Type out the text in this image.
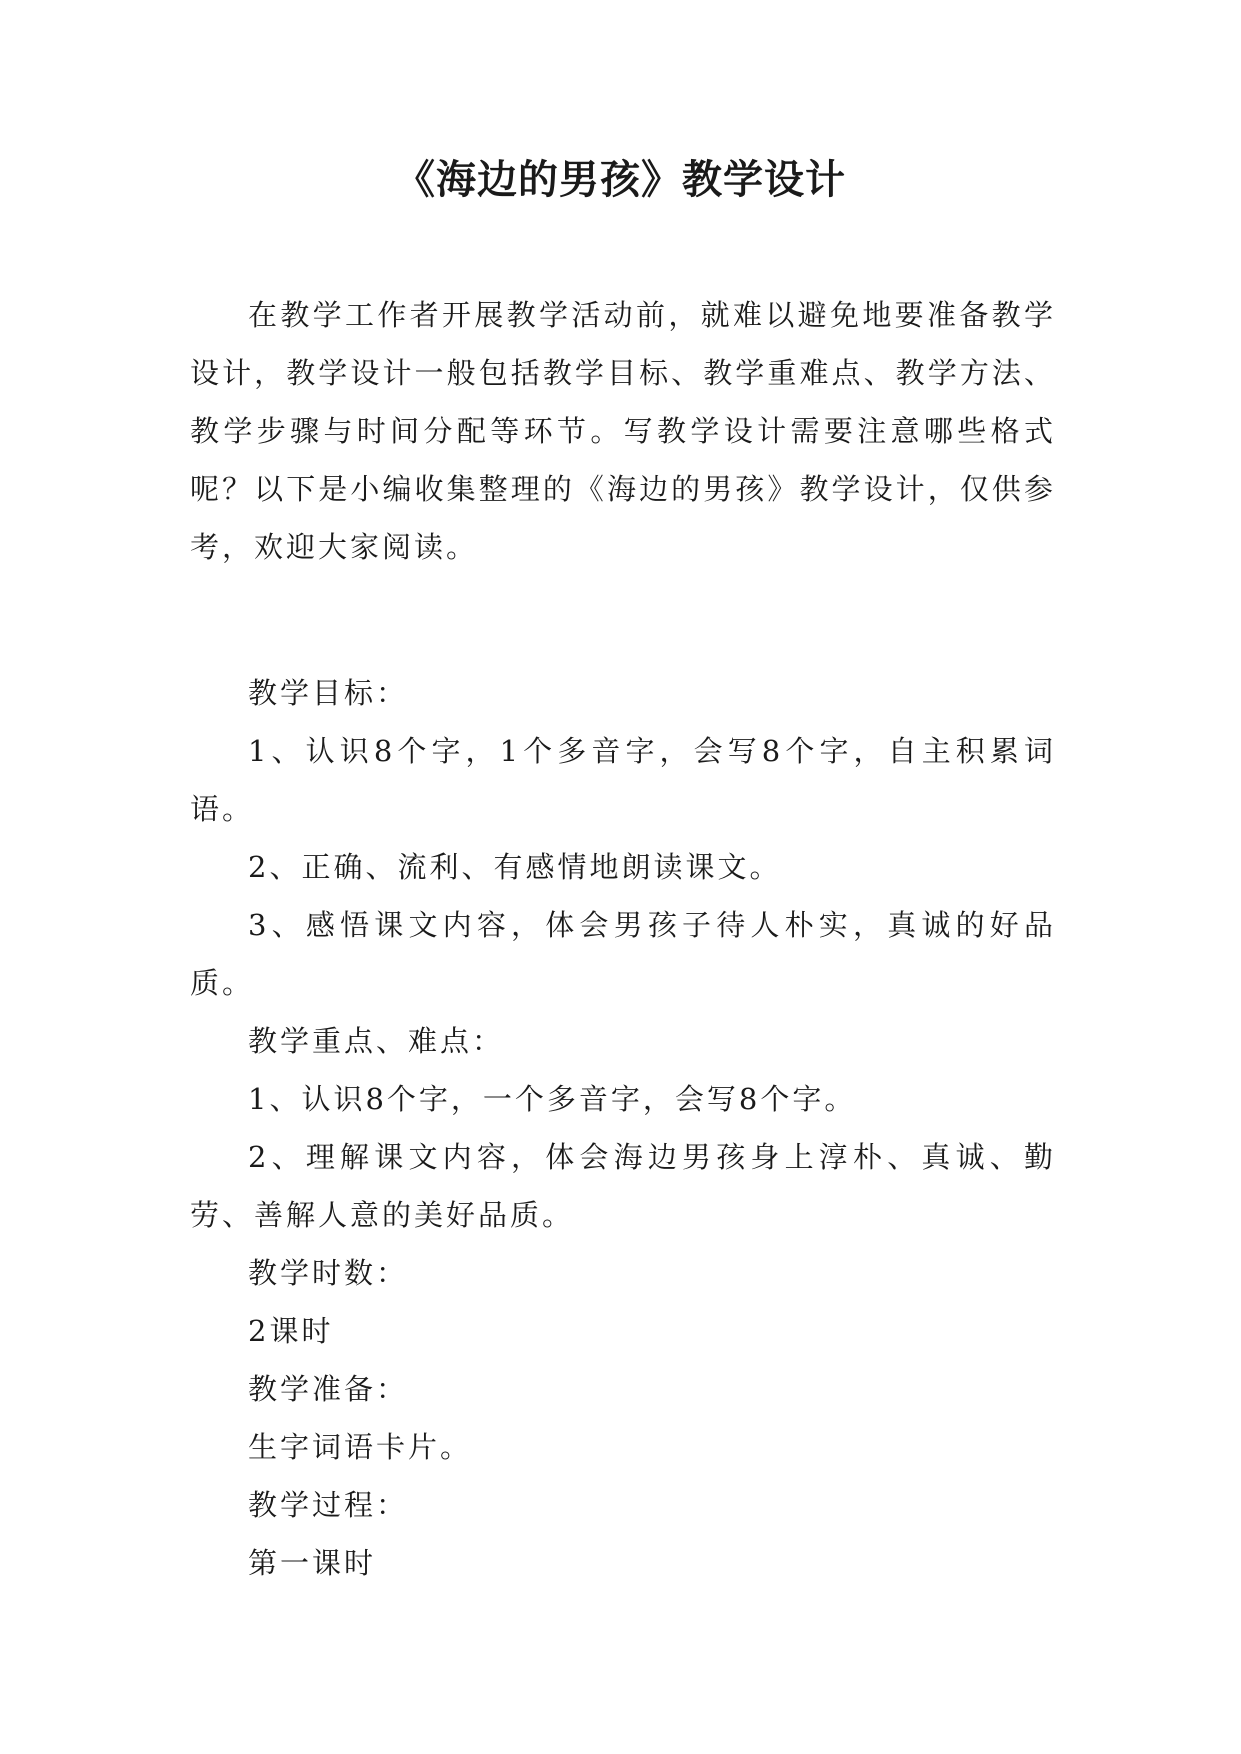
《海边的男孩》教学设计

在教学工作者开展教学活动前，就难以避免地要准备教学设计，教学设计一般包括教学目标、教学重难点、教学方法、教学步骤与时间分配等环节。写教学设计需要注意哪些格式呢？以下是小编收集整理的《海边的男孩》教学设计，仅供参考，欢迎大家阅读。

教学目标：

1、认识8个字，1个多音字，会写8个字，自主积累词语。

2、正确、流利、有感情地朗读课文。

3、感悟课文内容，体会男孩子待人朴实，真诚的好品质。

教学重点、难点：

1、认识8个字，一个多音字，会写8个字。

2、理解课文内容，体会海边男孩身上淳朴、真诚、勤劳、善解人意的美好品质。

教学时数：

2课时

教学准备：

生字词语卡片。

教学过程：

第一课时
